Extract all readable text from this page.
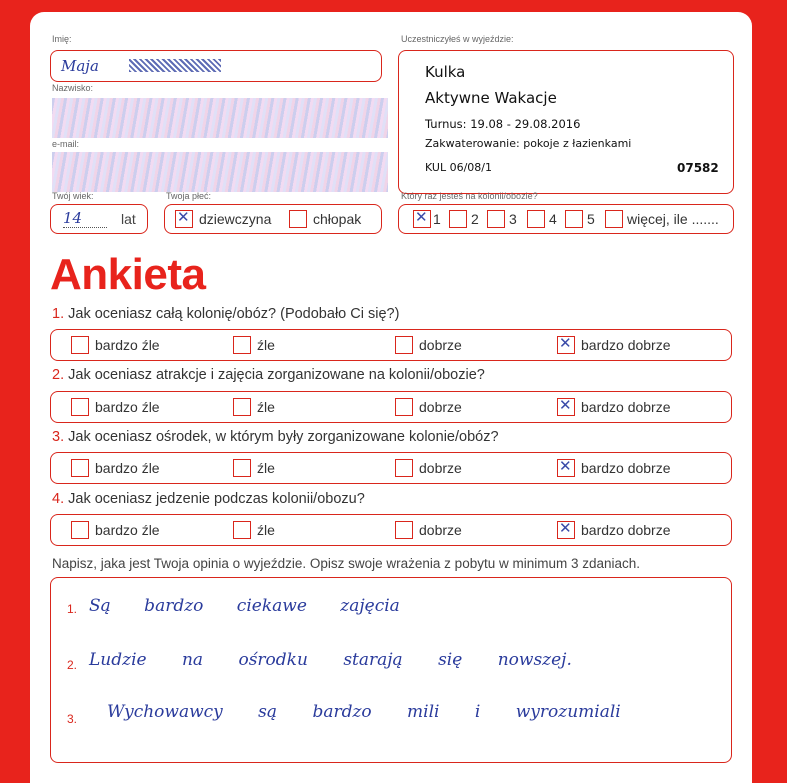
Imię:
Maja
Nazwisko:
e-mail:
Twój wiek:
14	lat
Twoja płeć:
✕
dziewczyna	chłopak
Uczestniczyłeś w wyjeździe:
Kulka
Aktywne Wakacje
Turnus: 19.08 - 29.08.2016
Zakwaterowanie: pokoje z łazienkami
KUL 06/08/1	07582
Który raz jesteś na kolonii/obozie?
✕
1 2 3 4 5 więcej, ile .......
Ankieta
1. Jak oceniasz całą kolonię/obóz? (Podobało Ci się?)
bardzo źle	źle	dobrze ✕	bardzo dobrze
2. Jak oceniasz atrakcje i zajęcia zorganizowane na kolonii/obozie?
bardzo źle	źle	dobrze ✕	bardzo dobrze
3. Jak oceniasz ośrodek, w którym były zorganizowane kolonie/obóz?
bardzo źle	źle	dobrze ✕	bardzo dobrze
4. Jak oceniasz jedzenie podczas kolonii/obozu?
bardzo źle	źle	dobrze ✕	bardzo dobrze
Napisz, jaka jest Twoja opinia o wyjeździe. Opisz swoje wrażenia z pobytu w minimum 3 zdaniach.
1. Są bardzo ciekawe zajęcia
2. Ludzie na ośrodku starają się nowszej.
3. Wychowawcy są bardzo mili i wyrozumiali
